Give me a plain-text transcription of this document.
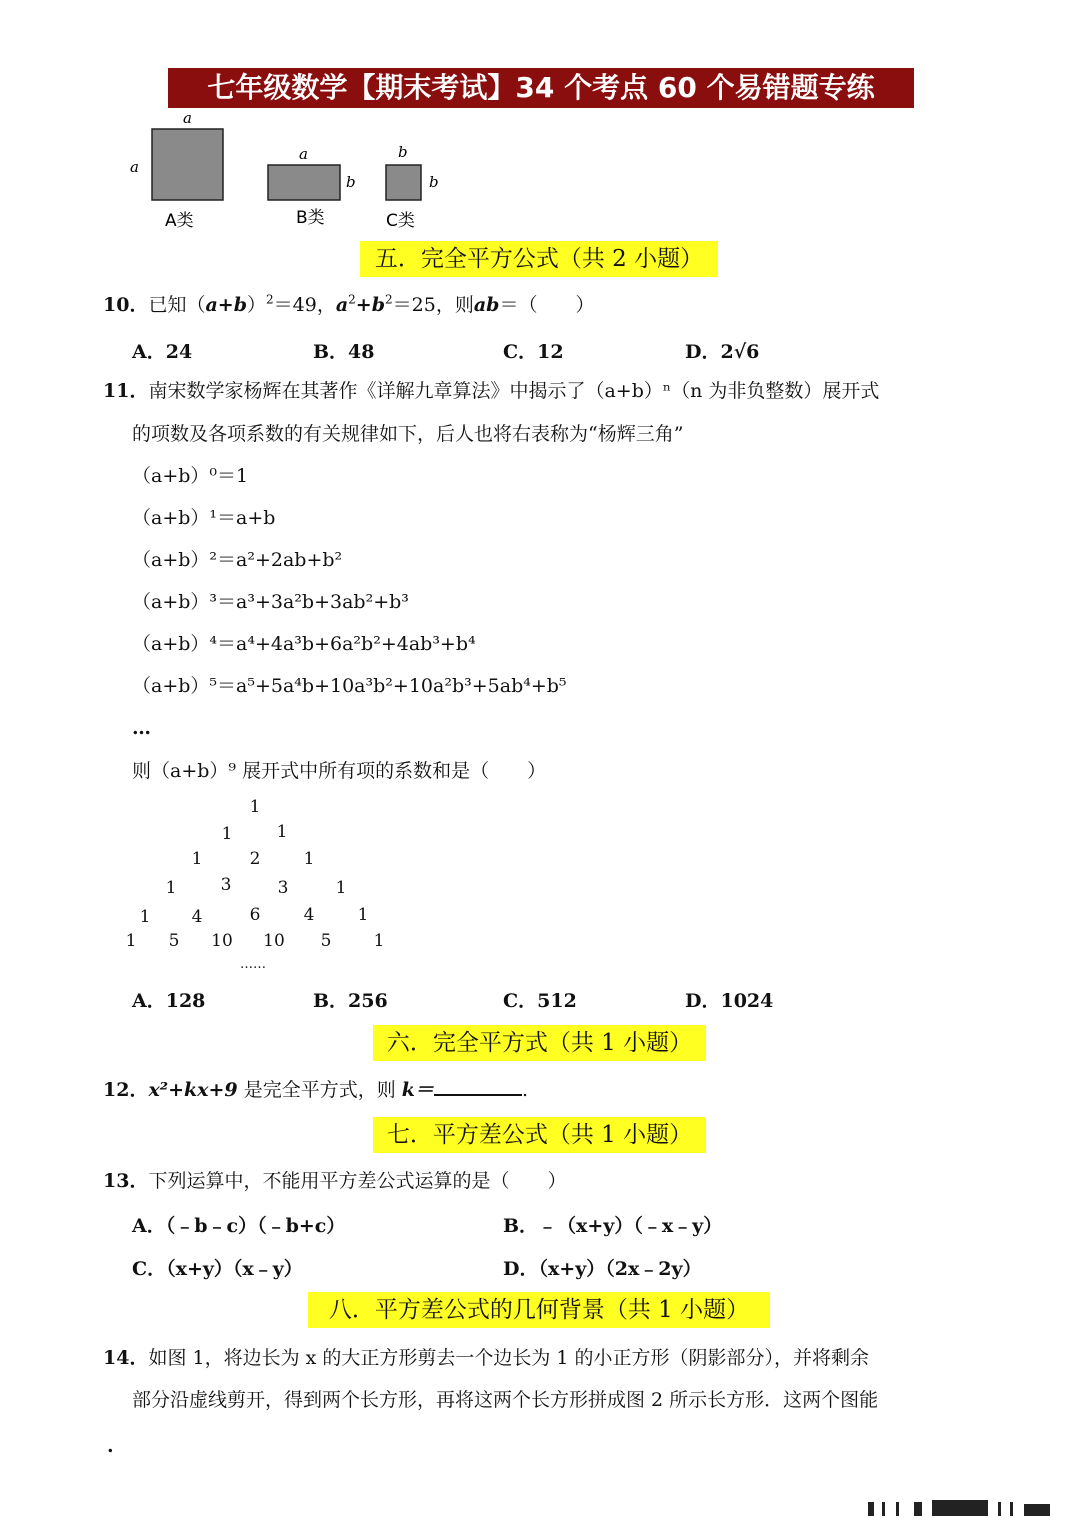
七年级数学【期末考试】34 个考点 60 个易错题专练
a
a
a
b
b
b
A类	B类	C类
五．完全平方公式（共 2 小题）
10．已知$(a+b)^2=49$，$a^2+b^2=25$，则ab＝（　　）
A．24	B．48	C．12	D．2√6
11．南宋数学家杨辉在其著作《详解九章算法》中揭示了（a+b）ⁿ（n 为非负整数）展开式
的项数及各项系数的有关规律如下，后人也将右表称为“杨辉三角”
（a+b）⁰＝1
（a+b）¹＝a+b
（a+b）²＝a²+2ab+b²
（a+b）³＝a³+3a²b+3ab²+b³
（a+b）⁴＝a⁴+4a³b+6a²b²+4ab³+b⁴
（a+b）⁵＝a⁵+5a⁴b+10a³b²+10a²b³+5ab⁴+b⁵
…
则（a+b）⁹ 展开式中所有项的系数和是（　　）
1
1	1
1	2	1
1	3	3	1
1 4	6	4	1
1 5 10 10 5 1
……
A．128	B．256	C．512	D．1024
六．完全平方式（共 1 小题）
12．x²+kx+9 是完全平方式，则 k＝	.
七．平方差公式（共 1 小题）
13．下列运算中，不能用平方差公式运算的是（　　）
A．（﹣b﹣c）（﹣b+c）	B．﹣（x+y）（﹣x﹣y）
C．（x+y）（x﹣y）	D．（x+y）（2x﹣2y）
八．平方差公式的几何背景（共 1 小题）
14．如图 1，将边长为 x 的大正方形剪去一个边长为 1 的小正方形（阴影部分），并将剩余
部分沿虚线剪开，得到两个长方形，再将这两个长方形拼成图 2 所示长方形．这两个图能
.
